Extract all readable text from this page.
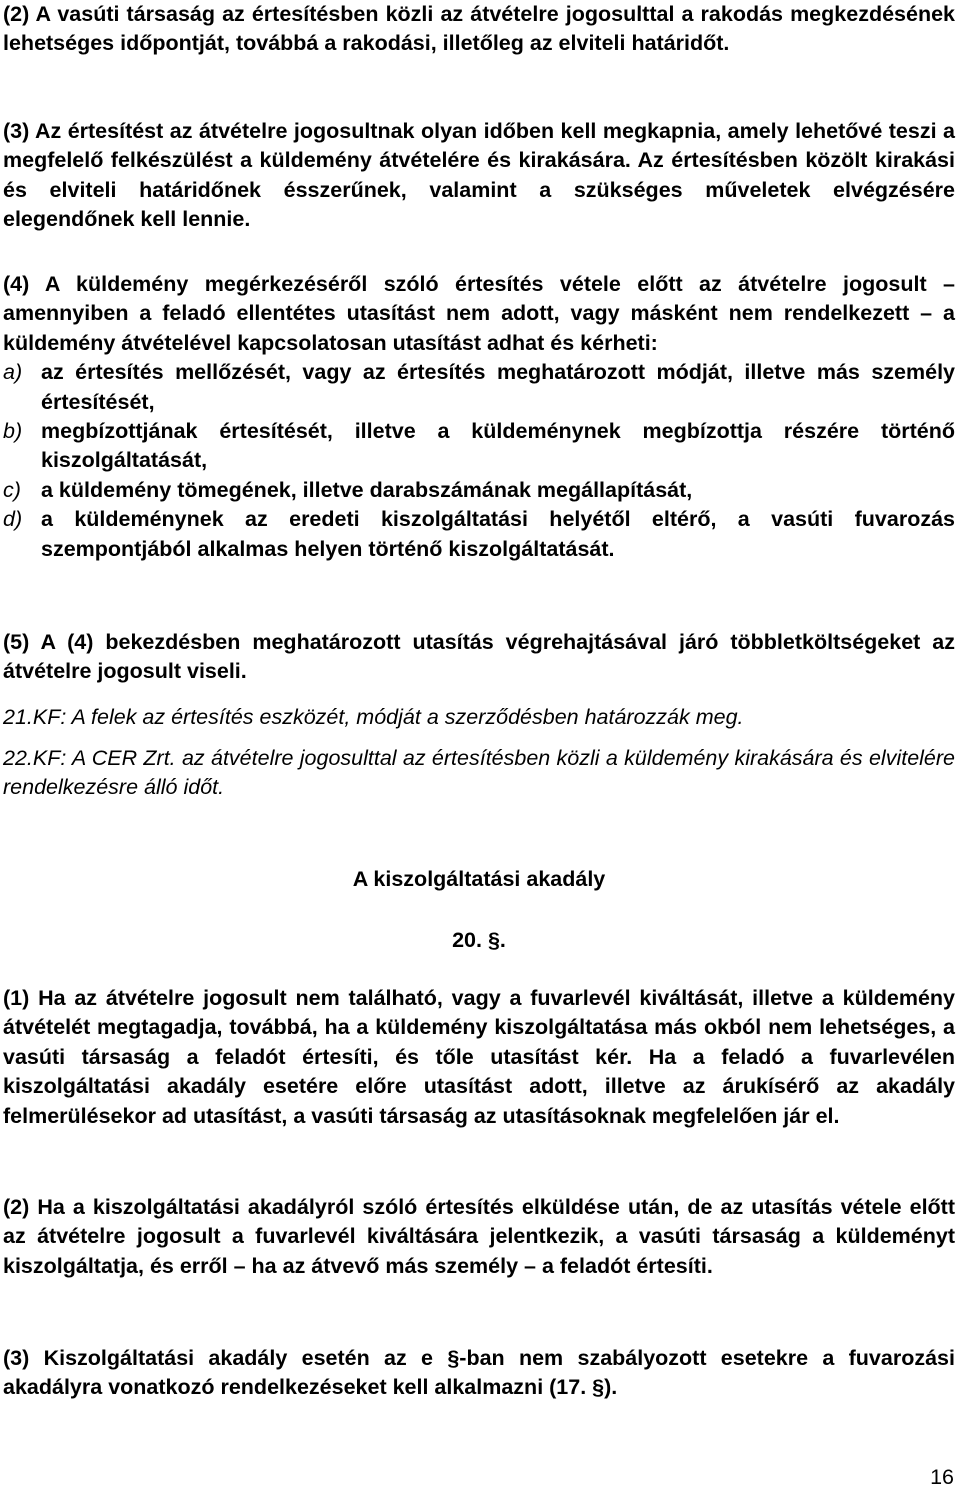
(2) A vasúti társaság az értesítésben közli az átvételre jogosulttal a rakodás megkezdésének lehetséges időpontját, továbbá a rakodási, illetőleg az elviteli határidőt.

(3) Az értesítést az átvételre jogosultnak olyan időben kell megkapnia, amely lehetővé teszi a megfelelő felkészülést a küldemény átvételére és kirakására. Az értesítésben közölt kirakási és elviteli határidőnek ésszerűnek, valamint a szükséges műveletek elvégzésére elegendőnek kell lennie.

(4) A küldemény megérkezéséről szóló értesítés vétele előtt az átvételre jogosult – amennyiben a feladó ellentétes utasítást nem adott, vagy másként nem rendelkezett – a küldemény átvételével kapcsolatosan utasítást adhat és kérheti:

a) az értesítés mellőzését, vagy az értesítés meghatározott módját, illetve más személy értesítését,
b) megbízottjának értesítését, illetve a küldeménynek megbízottja részére történő kiszolgáltatását,
c) a küldemény tömegének, illetve darabszámának megállapítását,
d) a küldeménynek az eredeti kiszolgáltatási helyétől eltérő, a vasúti fuvarozás szempontjából alkalmas helyen történő kiszolgáltatását.

(5) A (4) bekezdésben meghatározott utasítás végrehajtásával járó többletköltségeket az átvételre jogosult viseli.

21.KF: A felek az értesítés eszközét, módját a szerződésben határozzák meg.

22.KF: A CER Zrt. az átvételre jogosulttal az értesítésben közli a küldemény kirakására és elvitelére rendelkezésre álló időt.

A kiszolgáltatási akadály
20. §.

(1) Ha az átvételre jogosult nem található, vagy a fuvarlevél kiváltását, illetve a küldemény átvételét megtagadja, továbbá, ha a küldemény kiszolgáltatása más okból nem lehetséges, a vasúti társaság a feladót értesíti, és tőle utasítást kér. Ha a feladó a fuvarlevélen kiszolgáltatási akadály esetére előre utasítást adott, illetve az árukísérő az akadály felmerülésekor ad utasítást, a vasúti társaság az utasításoknak megfelelően jár el.

(2) Ha a kiszolgáltatási akadályról szóló értesítés elküldése után, de az utasítás vétele előtt az átvételre jogosult a fuvarlevél kiváltására jelentkezik, a vasúti társaság a küldeményt kiszolgáltatja, és erről – ha az átvevő más személy – a feladót értesíti.

(3) Kiszolgáltatási akadály esetén az e §-ban nem szabályozott esetekre a fuvarozási akadályra vonatkozó rendelkezéseket kell alkalmazni (17. §).

16
